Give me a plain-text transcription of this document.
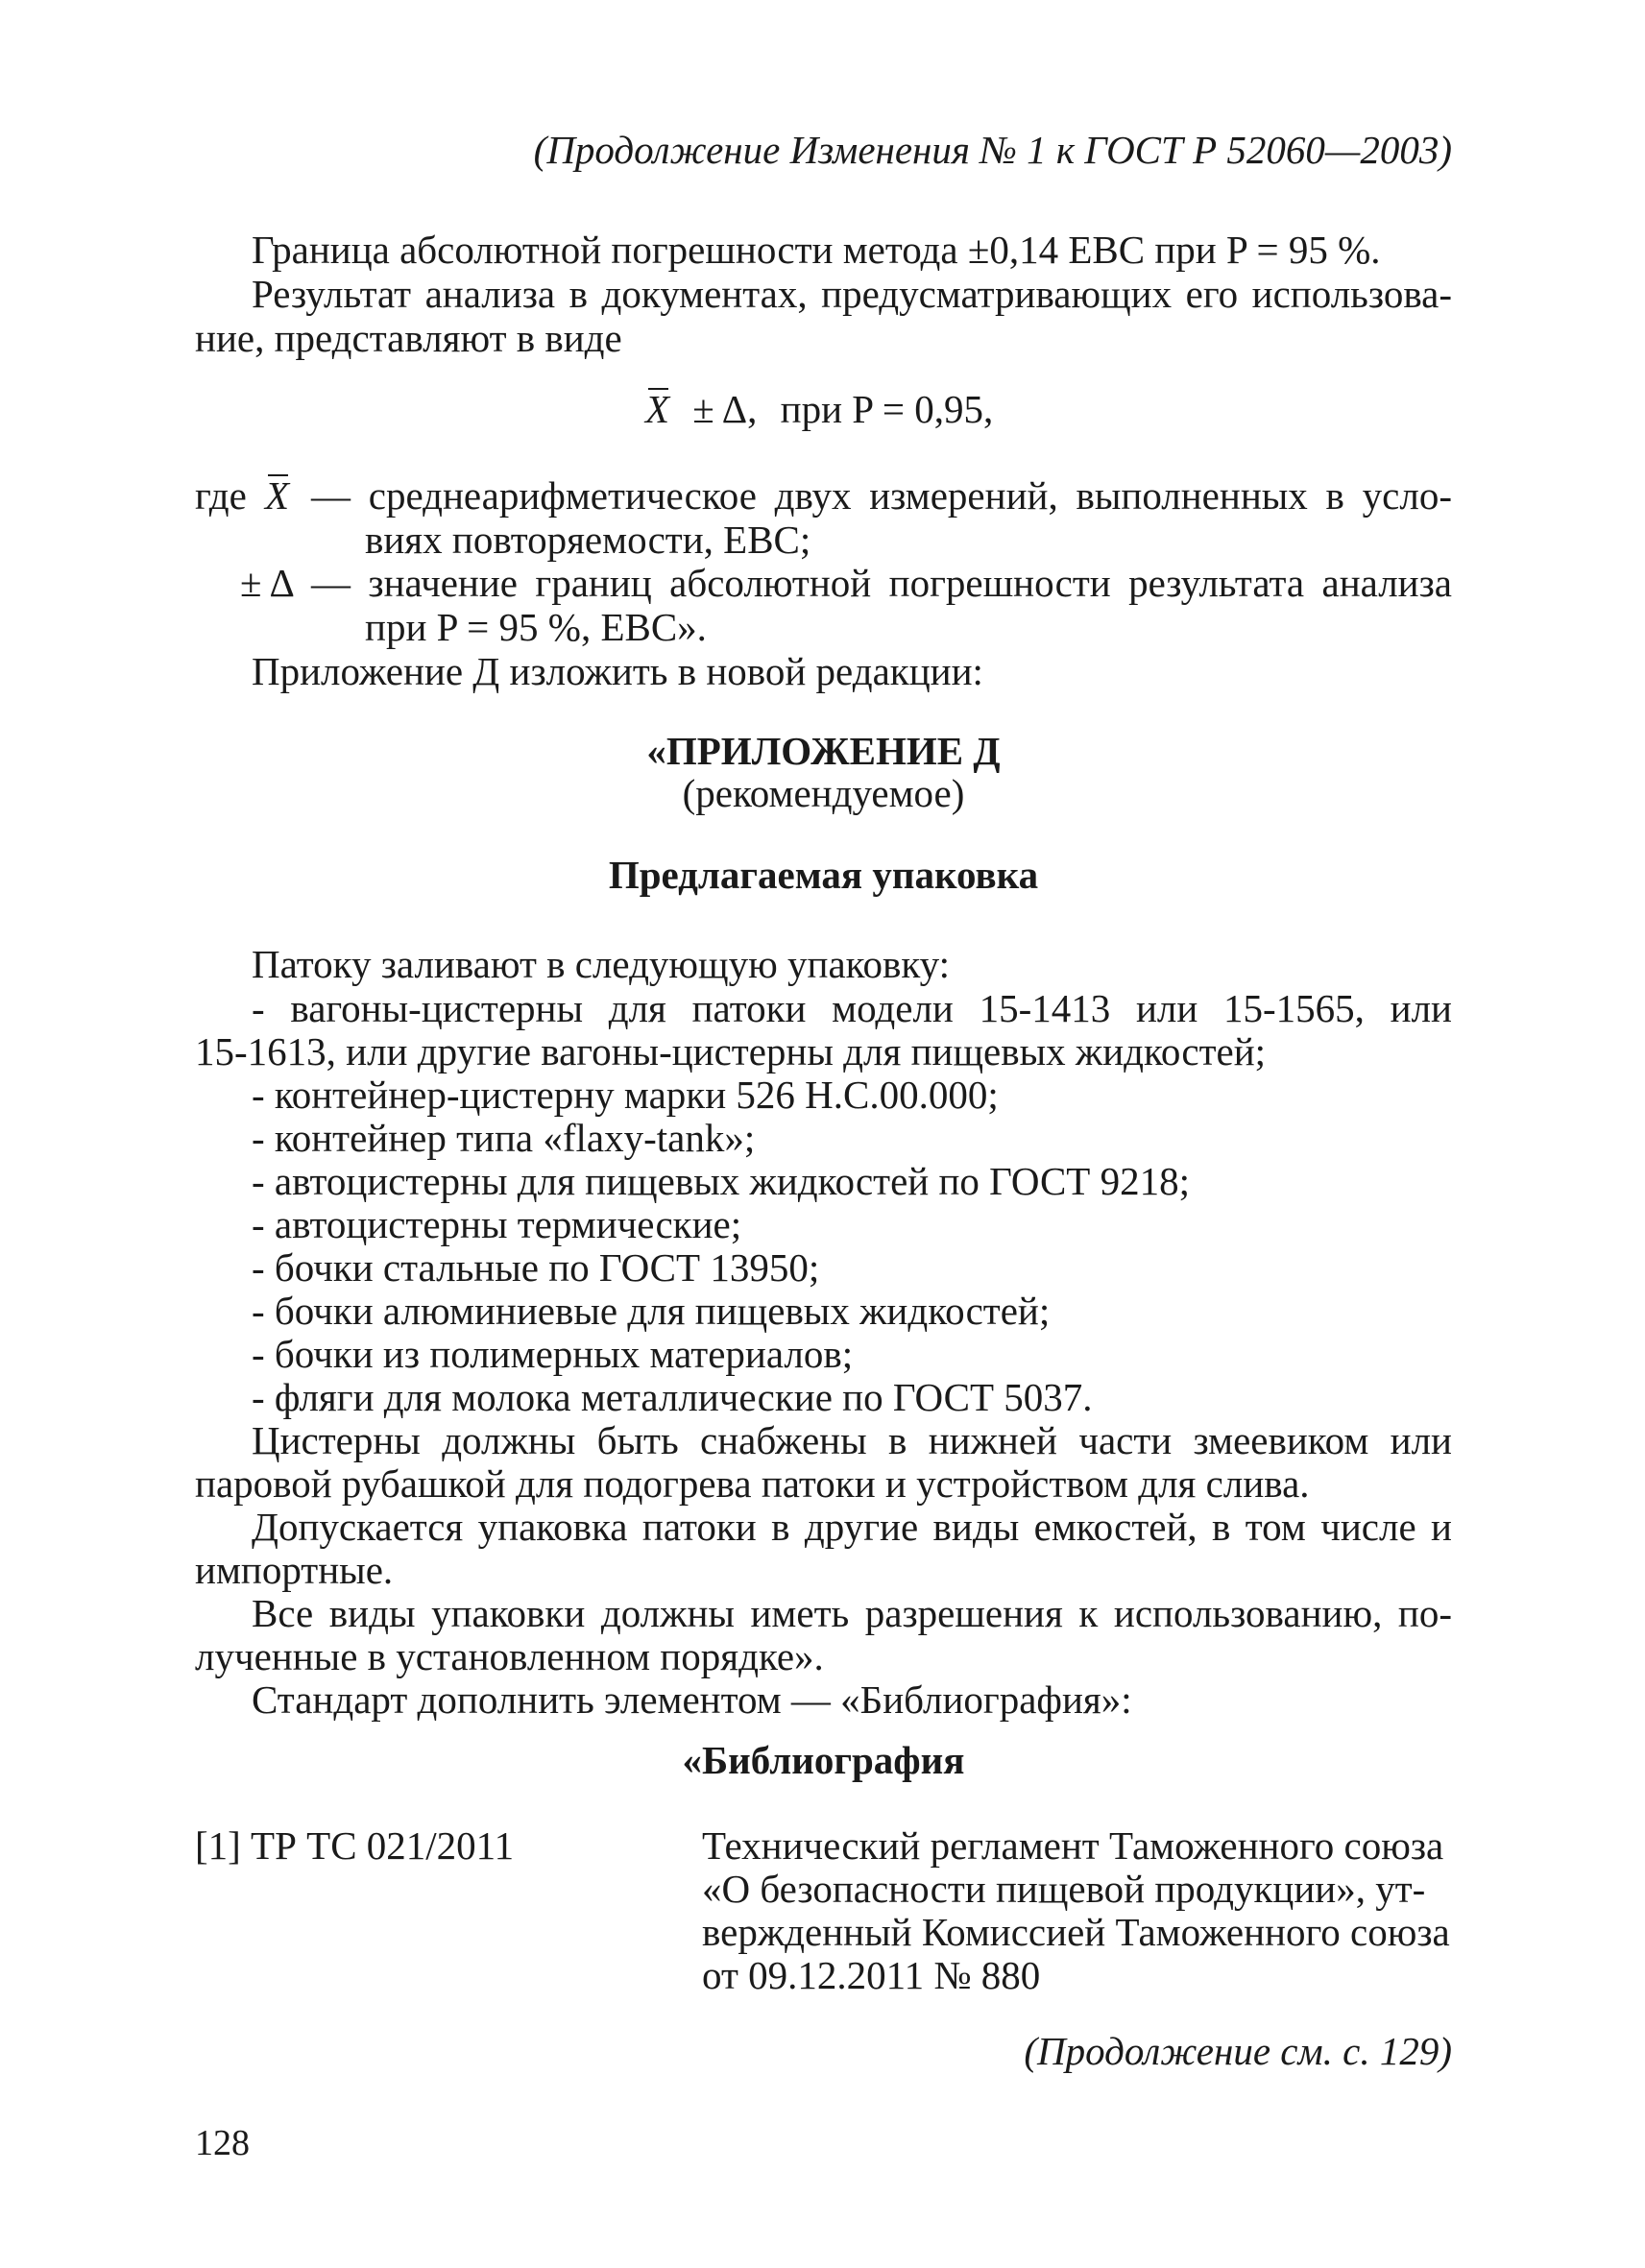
(Продолжение Изменения № 1 к ГОСТ Р 52060—2003)
Граница абсолютной погрешности метода ±0,14 ЕВС при P = 95 %.
Результат анализа в документах, предусматривающих его использова-
ние, представляют в виде
X ± Δ, при P = 0,95,
где X — среднеарифметическое двух измерений, выполненных в усло-
виях повторяемости, ЕВС;
± Δ — значение границ абсолютной погрешности результата анализа
при P = 95 %, ЕВС».
Приложение Д изложить в новой редакции:
«ПРИЛОЖЕНИЕ Д
(рекомендуемое)
Предлагаемая упаковка
Патоку заливают в следующую упаковку:
- вагоны-цистерны для патоки модели 15-1413 или 15-1565, или
15-1613, или другие вагоны-цистерны для пищевых жидкостей;
- контейнер-цистерну марки 526 Н.С.00.000;
- контейнер типа «flaxy-tank»;
- автоцистерны для пищевых жидкостей по ГОСТ 9218;
- автоцистерны термические;
- бочки стальные по ГОСТ 13950;
- бочки алюминиевые для пищевых жидкостей;
- бочки из полимерных материалов;
- фляги для молока металлические по ГОСТ 5037.
Цистерны должны быть снабжены в нижней части змеевиком или
паровой рубашкой для подогрева патоки и устройством для слива.
Допускается упаковка патоки в другие виды емкостей, в том числе и
импортные.
Все виды упаковки должны иметь разрешения к использованию, по-
лученные в установленном порядке».
Стандарт дополнить элементом — «Библиография»:
«Библиография
[1] ТР ТС 021/2011	Технический регламент Таможенного союза
«О безопасности пищевой продукции», ут-
вержденный Комиссией Таможенного союза
от 09.12.2011 № 880
(Продолжение см. с. 129)
128
